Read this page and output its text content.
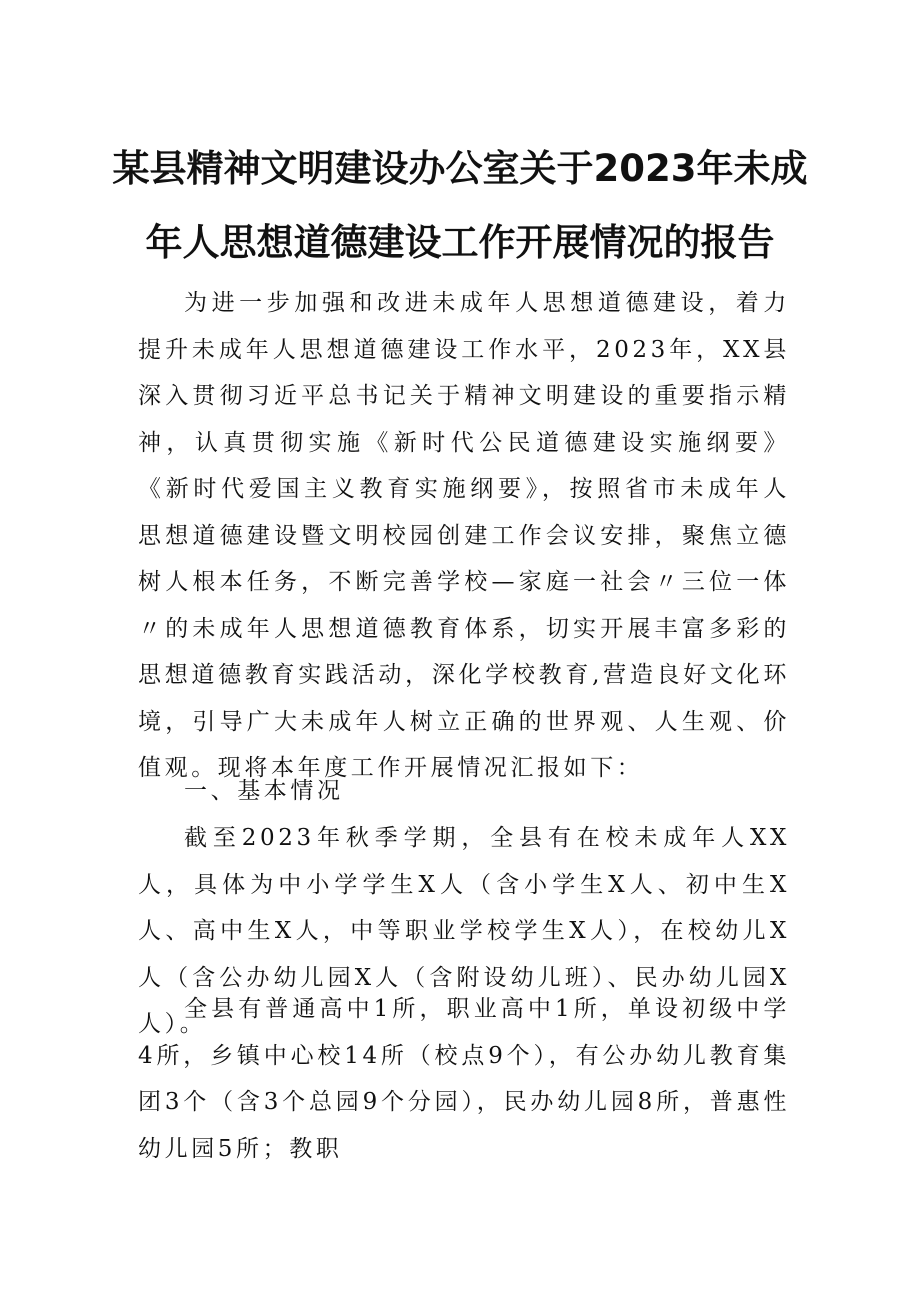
某县精神文明建设办公室关于2023年未成
年人思想道德建设工作开展情况的报告

为进一步加强和改进未成年人思想道德建设，着力提升未成年人思想道德建设工作水平，2023年，XX县深入贯彻习近平总书记关于精神文明建设的重要指示精神，认真贯彻实施《新时代公民道德建设实施纲要》《新时代爱国主义教育实施纲要》，按照省市未成年人思想道德建设暨文明校园创建工作会议安排，聚焦立德树人根本任务，不断完善学校—家庭一社会〃三位一体〃的未成年人思想道德教育体系，切实开展丰富多彩的思想道德教育实践活动，深化学校教育,营造良好文化环境，引导广大未成年人树立正确的世界观、人生观、价值观。现将本年度工作开展情况汇报如下：

一、基本情况

截至2023年秋季学期，全县有在校未成年人XX人，具体为中小学学生X人（含小学生X人、初中生X人、高中生X人，中等职业学校学生X人），在校幼儿X人（含公办幼儿园X人（含附设幼儿班）、民办幼儿园X人）。

全县有普通高中1所，职业高中1所，单设初级中学4所，乡镇中心校14所（校点9个），有公办幼儿教育集团3个（含3个总园9个分园），民办幼儿园8所，普惠性幼儿园5所；教职
